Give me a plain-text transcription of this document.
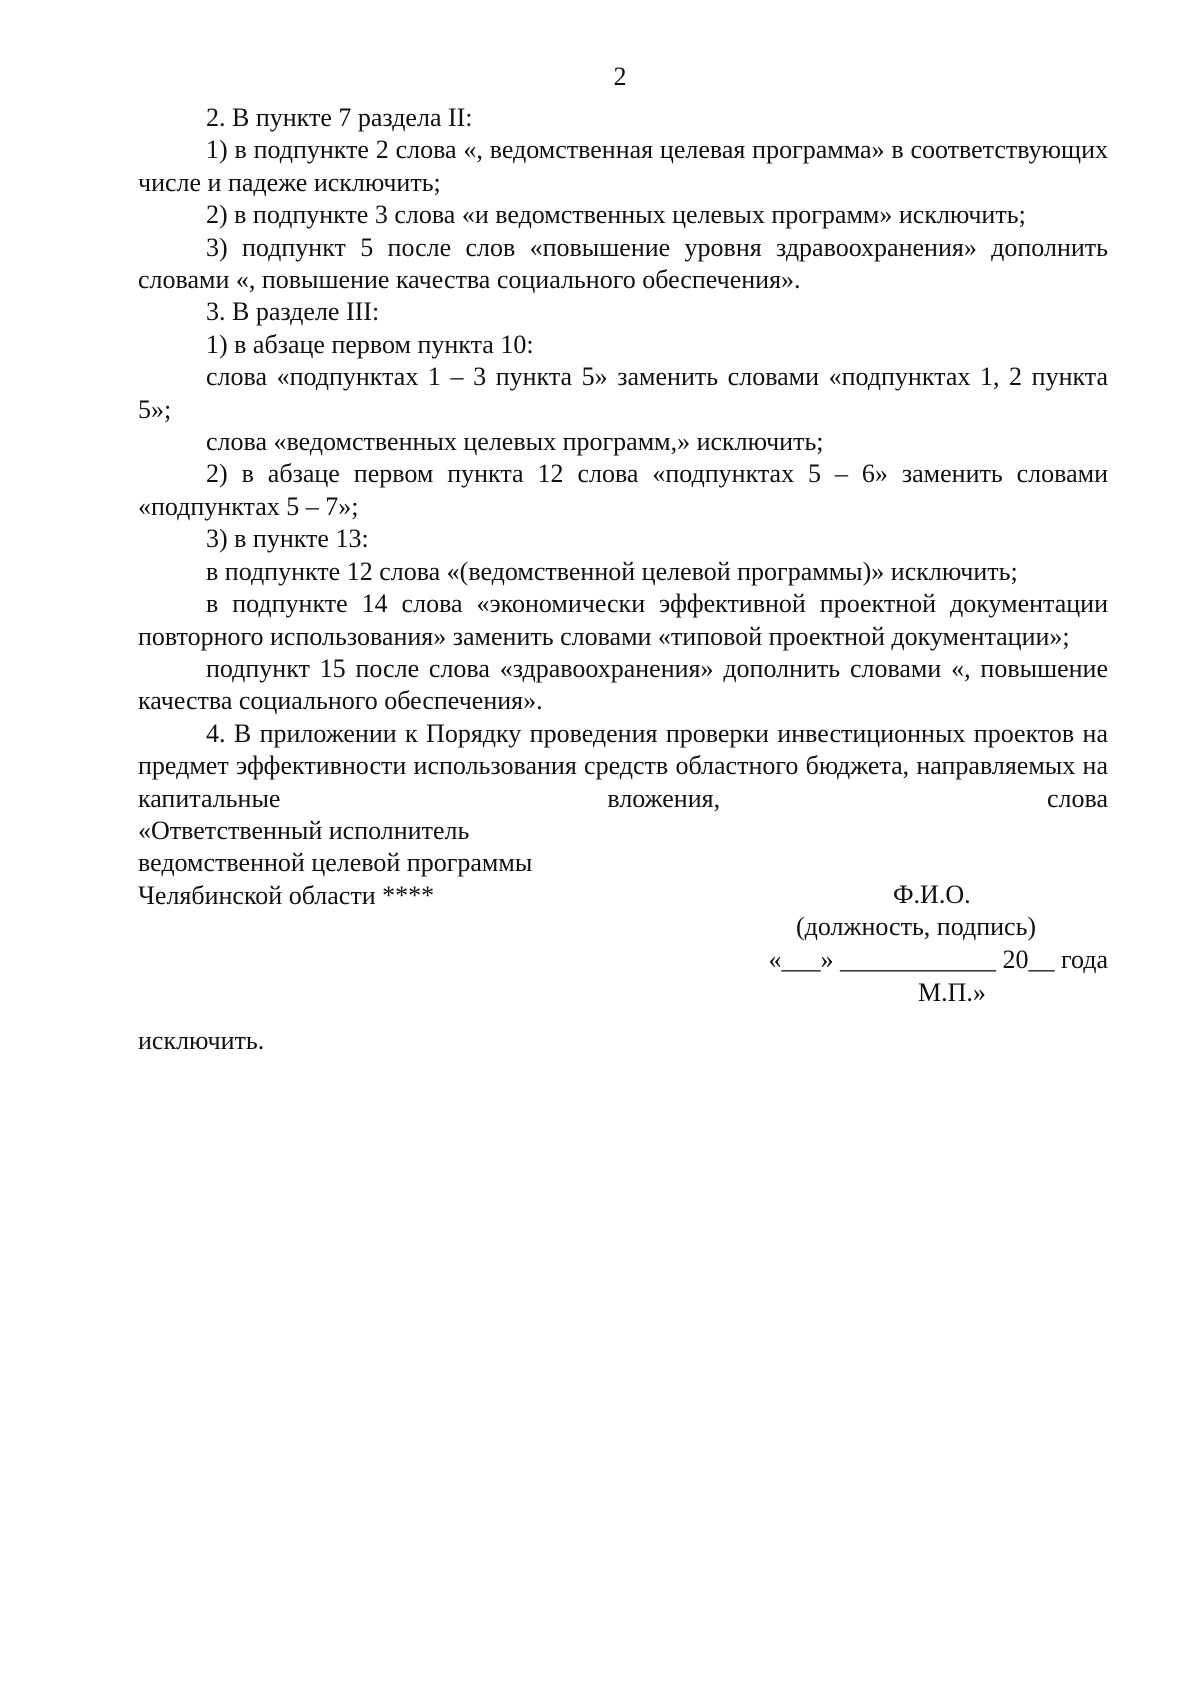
2

2. В пункте 7 раздела II:

1) в подпункте 2 слова «, ведомственная целевая программа» в соответствующих числе и падеже исключить;

2) в подпункте 3 слова «и ведомственных целевых программ» исключить;

3) подпункт 5 после слов «повышение уровня здравоохранения» дополнить словами «, повышение качества социального обеспечения».

3. В разделе III:

1) в абзаце первом пункта 10:

слова «подпунктах 1 – 3 пункта 5» заменить словами «подпунктах 1, 2 пункта 5»;

слова «ведомственных целевых программ,» исключить;

2) в абзаце первом пункта 12 слова «подпунктах 5 – 6» заменить словами «подпунктах 5 – 7»;

3) в пункте 13:

в подпункте 12 слова «(ведомственной целевой программы)» исключить;

в подпункте 14 слова «экономически эффективной проектной документации повторного использования» заменить словами «типовой проектной документации»;

подпункт 15 после слова «здравоохранения» дополнить словами «, повышение качества социального обеспечения».

4. В приложении к Порядку проведения проверки инвестиционных проектов на предмет эффективности использования средств областного бюджета, направляемых на капитальные вложения, слова

«Ответственный исполнитель

ведомственной целевой программы
Челябинской области ****	Ф.И.О.
(должность, подпись)
«___» ____________ 20__ года
М.П.»

исключить.
